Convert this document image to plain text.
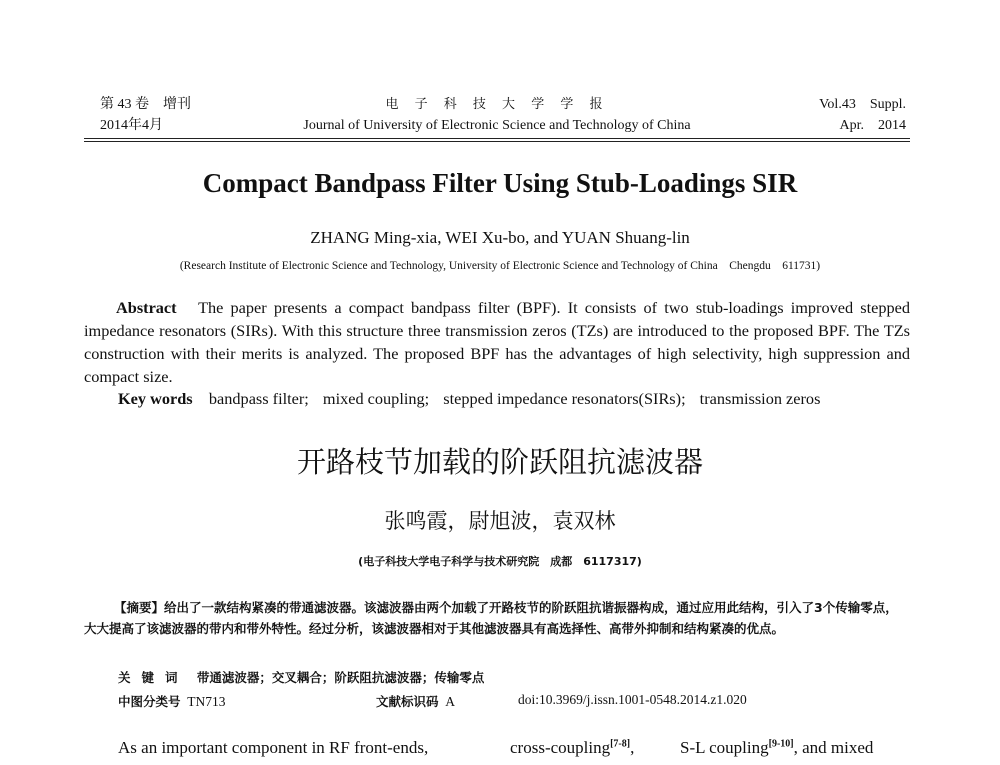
第 43 卷　增刊
2014年4月
电 子 科 技 大 学 学 报
Journal of University of Electronic Science and Technology of China
Vol.43　Suppl.
Apr.　2014
Compact Bandpass Filter Using Stub-Loadings SIR
ZHANG Ming-xia, WEI Xu-bo, and YUAN Shuang-lin
(Research Institute of Electronic Science and Technology, University of Electronic Science and Technology of China　Chengdu　611731)
Abstract The paper presents a compact bandpass filter (BPF). It consists of two stub-loadings improved stepped impedance resonators (SIRs). With this structure three transmission zeros (TZs) are introduced to the proposed BPF. The TZs construction with their merits is analyzed. The proposed BPF has the advantages of high selectivity, high suppression and compact size.
Key words bandpass filter; mixed coupling; stepped impedance resonators(SIRs); transmission zeros
开路枝节加载的阶跃阻抗滤波器
张鸣霞，尉旭波，袁双林
(电子科技大学电子科学与技术研究院　成都　6117317)
【摘要】给出了一款结构紧凑的带通滤波器。该滤波器由两个加载了开路枝节的阶跃阻抗谐振器构成，通过应用此结构，引入了3个传输零点，大大提高了该滤波器的带内和带外特性。经过分析，该滤波器相对于其他滤波器具有高选择性、高带外抑制和结构紧凑的优点。
关键词 带通滤波器；交叉耦合；阶跃阻抗滤波器；传输零点
中图分类号 TN713	文献标识码 A	doi:10.3969/j.issn.1001-0548.2014.z1.020
As an important component in RF front-ends,	cross-coupling[7-8],	S-L coupling[9-10], and mixed
